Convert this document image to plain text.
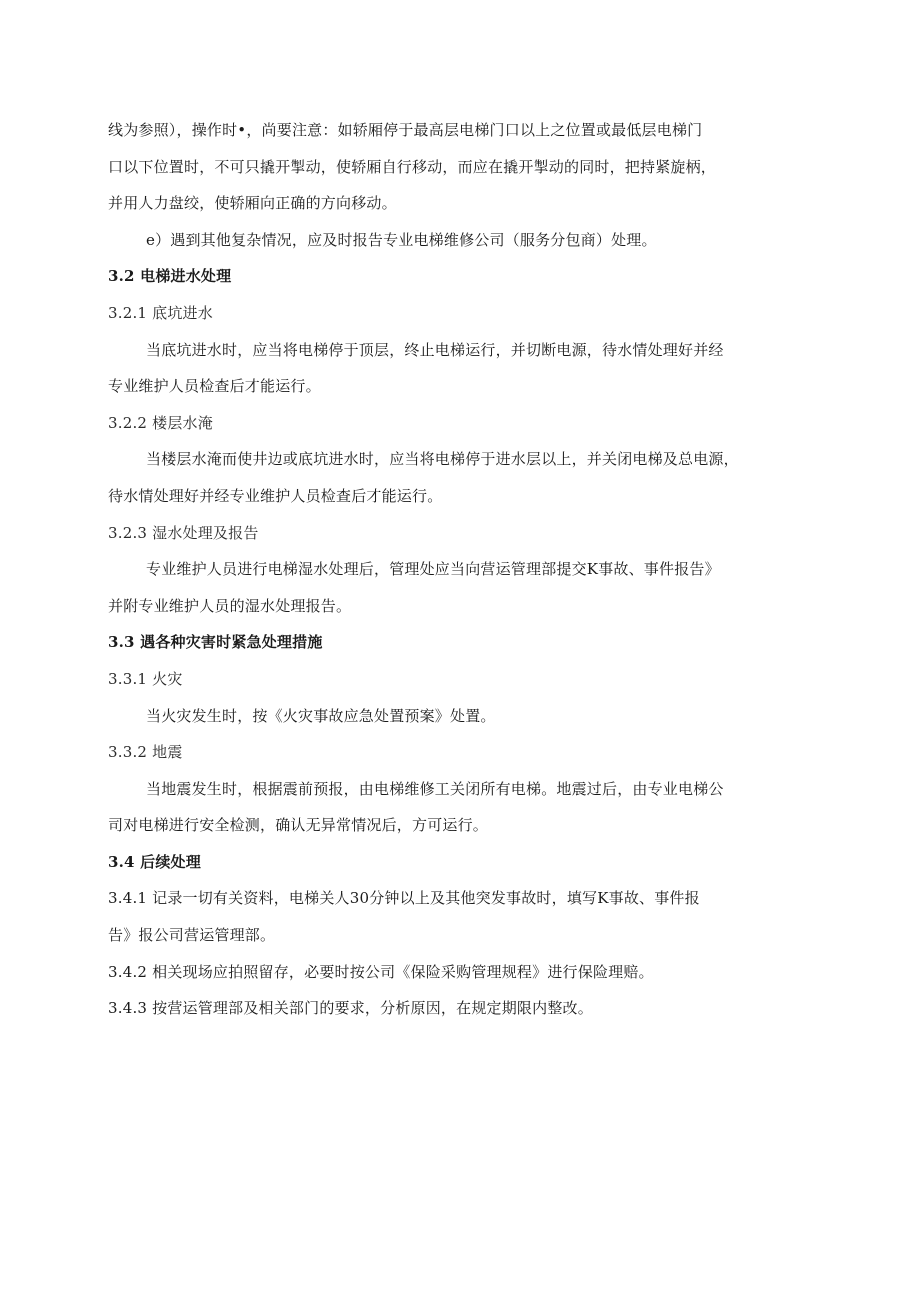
线为参照），操作时•，尚要注意：如轿厢停于最高层电梯门口以上之位置或最低层电梯门
口以下位置时，不可只撬开掣动，使轿厢自行移动，而应在撬开掣动的同时，把持紧旋柄，
并用人力盘绞，使轿厢向正确的方向移动。
e）遇到其他复杂情况，应及时报告专业电梯维修公司（服务分包商）处理。
3.2 电梯进水处理
3.2.1 底坑进水
当底坑进水时，应当将电梯停于顶层，终止电梯运行，并切断电源，待水情处理好并经
专业维护人员检查后才能运行。
3.2.2 楼层水淹
当楼层水淹而使井边或底坑进水时，应当将电梯停于进水层以上，并关闭电梯及总电源，
待水情处理好并经专业维护人员检查后才能运行。
3.2.3 湿水处理及报告
专业维护人员进行电梯湿水处理后，管理处应当向营运管理部提交K事故、事件报告》
并附专业维护人员的湿水处理报告。
3.3 遇各种灾害时紧急处理措施
3.3.1 火灾
当火灾发生时，按《火灾事故应急处置预案》处置。
3.3.2 地震
当地震发生时，根据震前预报，由电梯维修工关闭所有电梯。地震过后，由专业电梯公
司对电梯进行安全检测，确认无异常情况后，方可运行。
3.4 后续处理
3.4.1 记录一切有关资料，电梯关人30分钟以上及其他突发事故时，填写K事故、事件报
告》报公司营运管理部。
3.4.2 相关现场应拍照留存，必要时按公司《保险采购管理规程》进行保险理赔。
3.4.3 按营运管理部及相关部门的要求，分析原因，在规定期限内整改。
